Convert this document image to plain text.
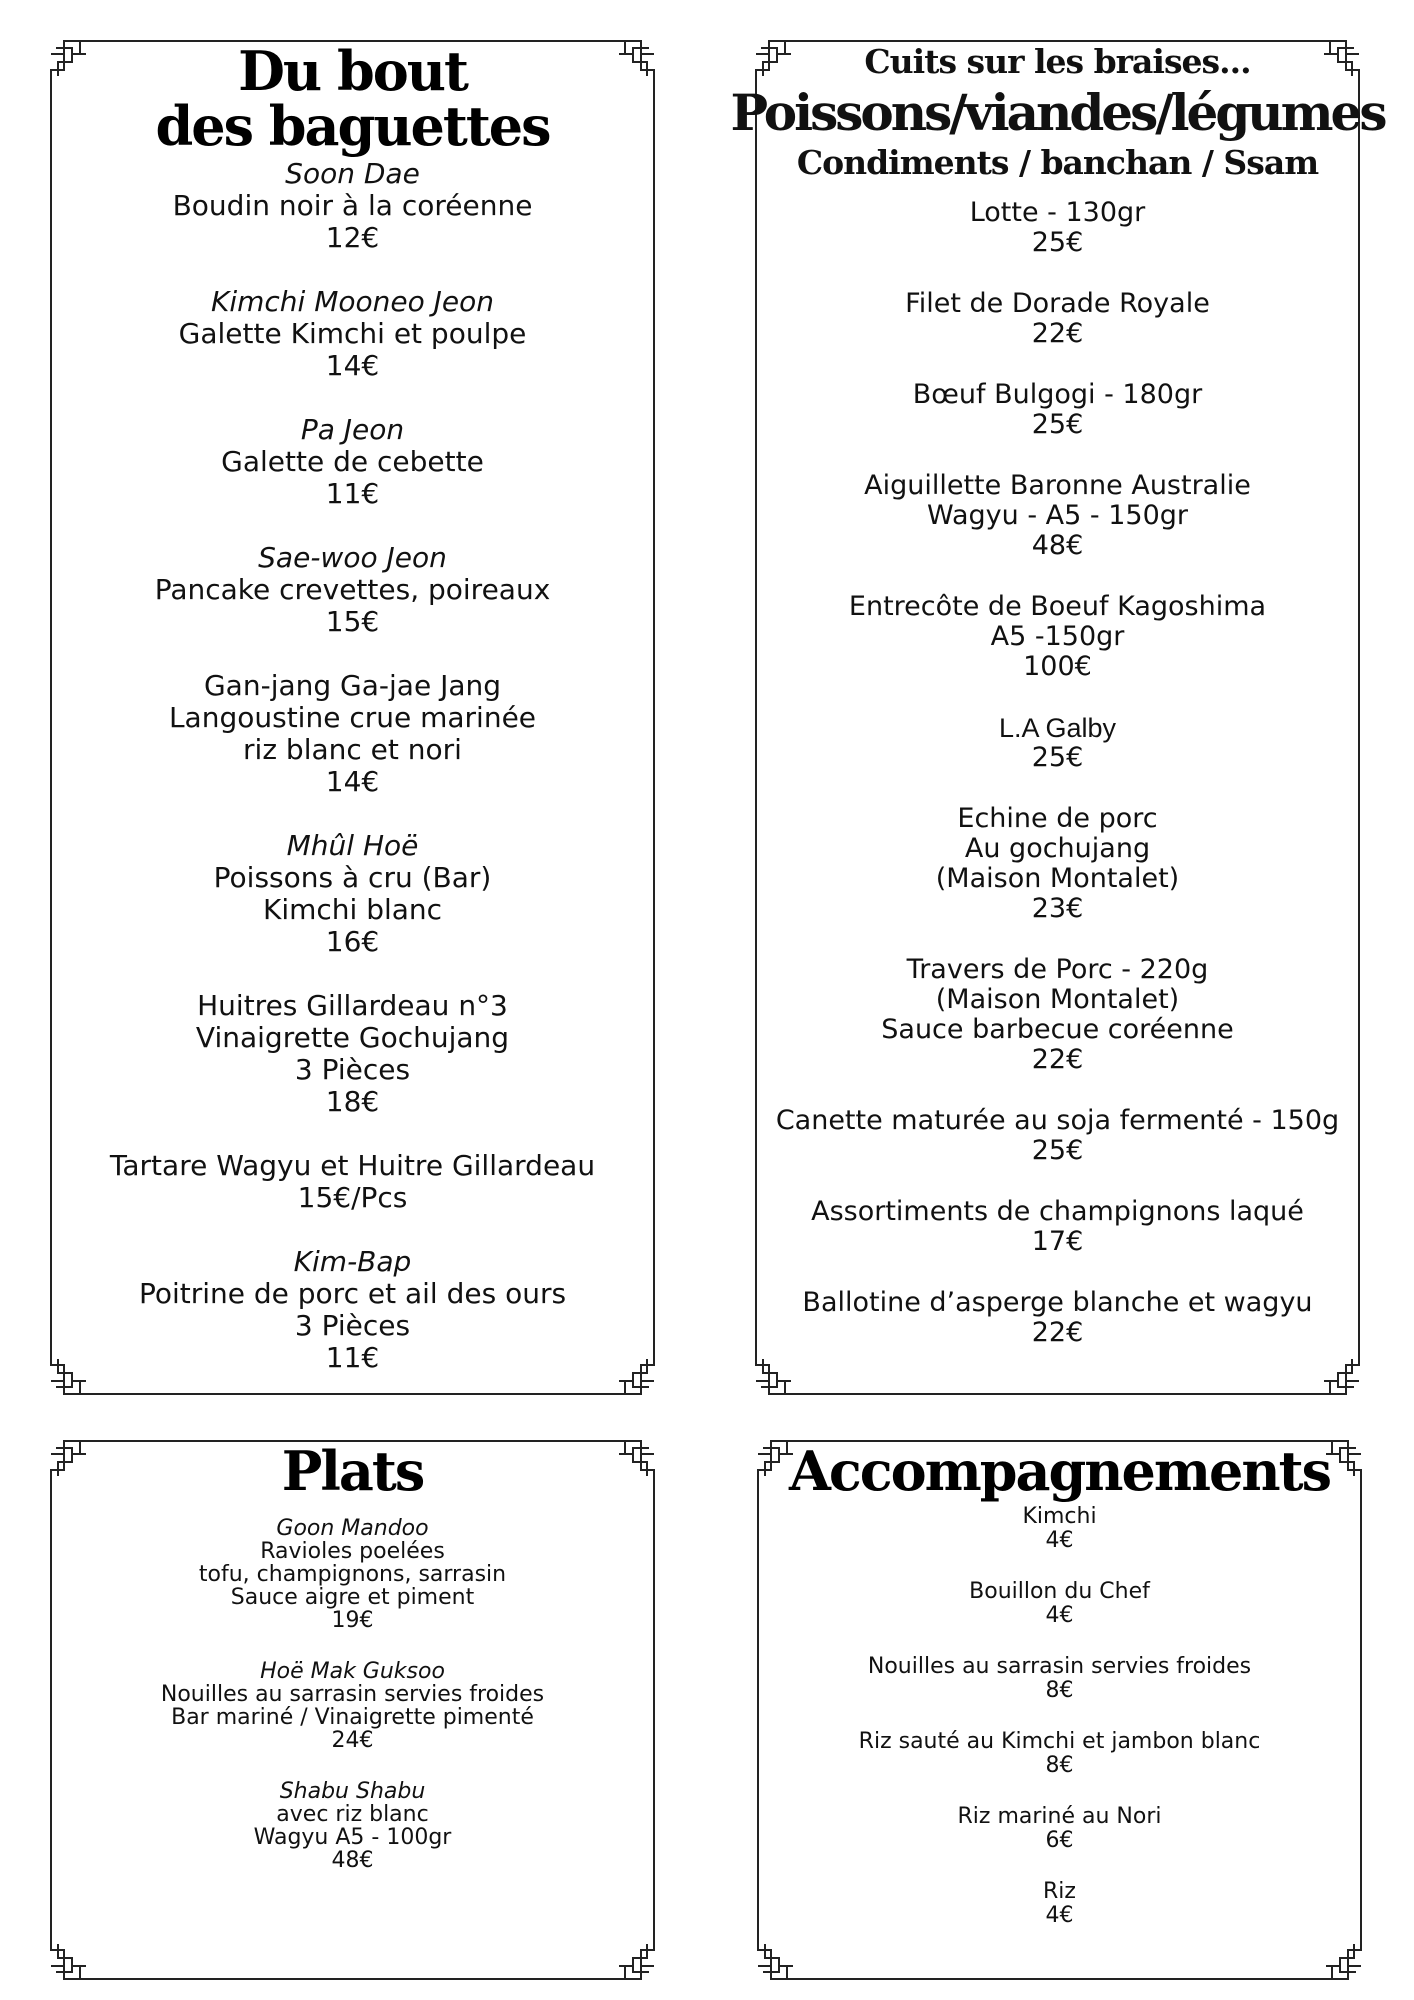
Du bout
des baguettes
Soon Dae
Boudin noir à la coréenne
12€
Kimchi Mooneo Jeon
Galette Kimchi et poulpe
14€
Pa Jeon
Galette de cebette
11€
Sae-woo Jeon
Pancake crevettes, poireaux
15€
Gan-jang Ga-jae Jang
Langoustine crue marinée
riz blanc et nori
14€
Mhûl Hoë
Poissons à cru (Bar)
Kimchi blanc
16€
Huitres Gillardeau n°3
Vinaigrette Gochujang
3 Pièces
18€
Tartare Wagyu et Huitre Gillardeau
15€/Pcs
Kim-Bap
Poitrine de porc et ail des ours
3 Pièces
11€
Cuits sur les braises...
Poissons/viandes/légumes
Condiments / banchan / Ssam
Lotte - 130gr
25€
Filet de Dorade Royale
22€
Bœuf Bulgogi - 180gr
25€
Aiguillette Baronne Australie
Wagyu - A5 - 150gr
48€
Entrecôte de Boeuf Kagoshima
A5 -150gr
100€
L.A Galby
25€
Echine de porc
Au gochujang
(Maison Montalet)
23€
Travers de Porc - 220g
(Maison Montalet)
Sauce barbecue coréenne
22€
Canette maturée au soja fermenté - 150g
25€
Assortiments de champignons laqué
17€
Ballotine d’asperge blanche et wagyu
22€
Plats
Goon Mandoo
Ravioles poelées
tofu, champignons, sarrasin
Sauce aigre et piment
19€
Hoë Mak Guksoo
Nouilles au sarrasin servies froides
Bar mariné / Vinaigrette pimenté
24€
Shabu Shabu
avec riz blanc
Wagyu A5 - 100gr
48€
Accompagnements
Kimchi
4€
Bouillon du Chef
4€
Nouilles au sarrasin servies froides
8€
Riz sauté au Kimchi et jambon blanc
8€
Riz mariné au Nori
6€
Riz
4€
